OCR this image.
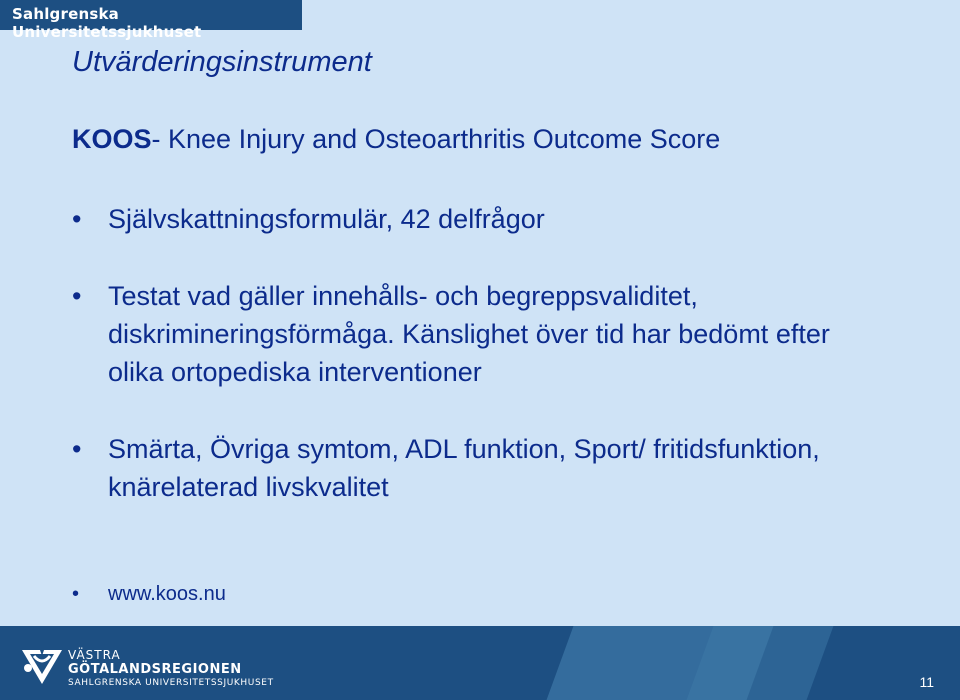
Sahlgrenska Universitetssjukhuset
Utvärderingsinstrument
KOOS- Knee Injury and Osteoarthritis Outcome Score
• Självskattningsformulär, 42 delfrågor
• Testat vad gäller innehålls- och begreppsvaliditet, diskrimineringsförmåga. Känslighet över tid har bedömt efter olika ortopediska interventioner
• Smärta, Övriga symtom, ADL funktion, Sport/ fritidsfunktion, knärelaterad livskvalitet
• www.koos.nu
VÄSTRA
GÖTALANDSREGIONEN
SAHLGRENSKA UNIVERSITETSSJUKHUSET	11
